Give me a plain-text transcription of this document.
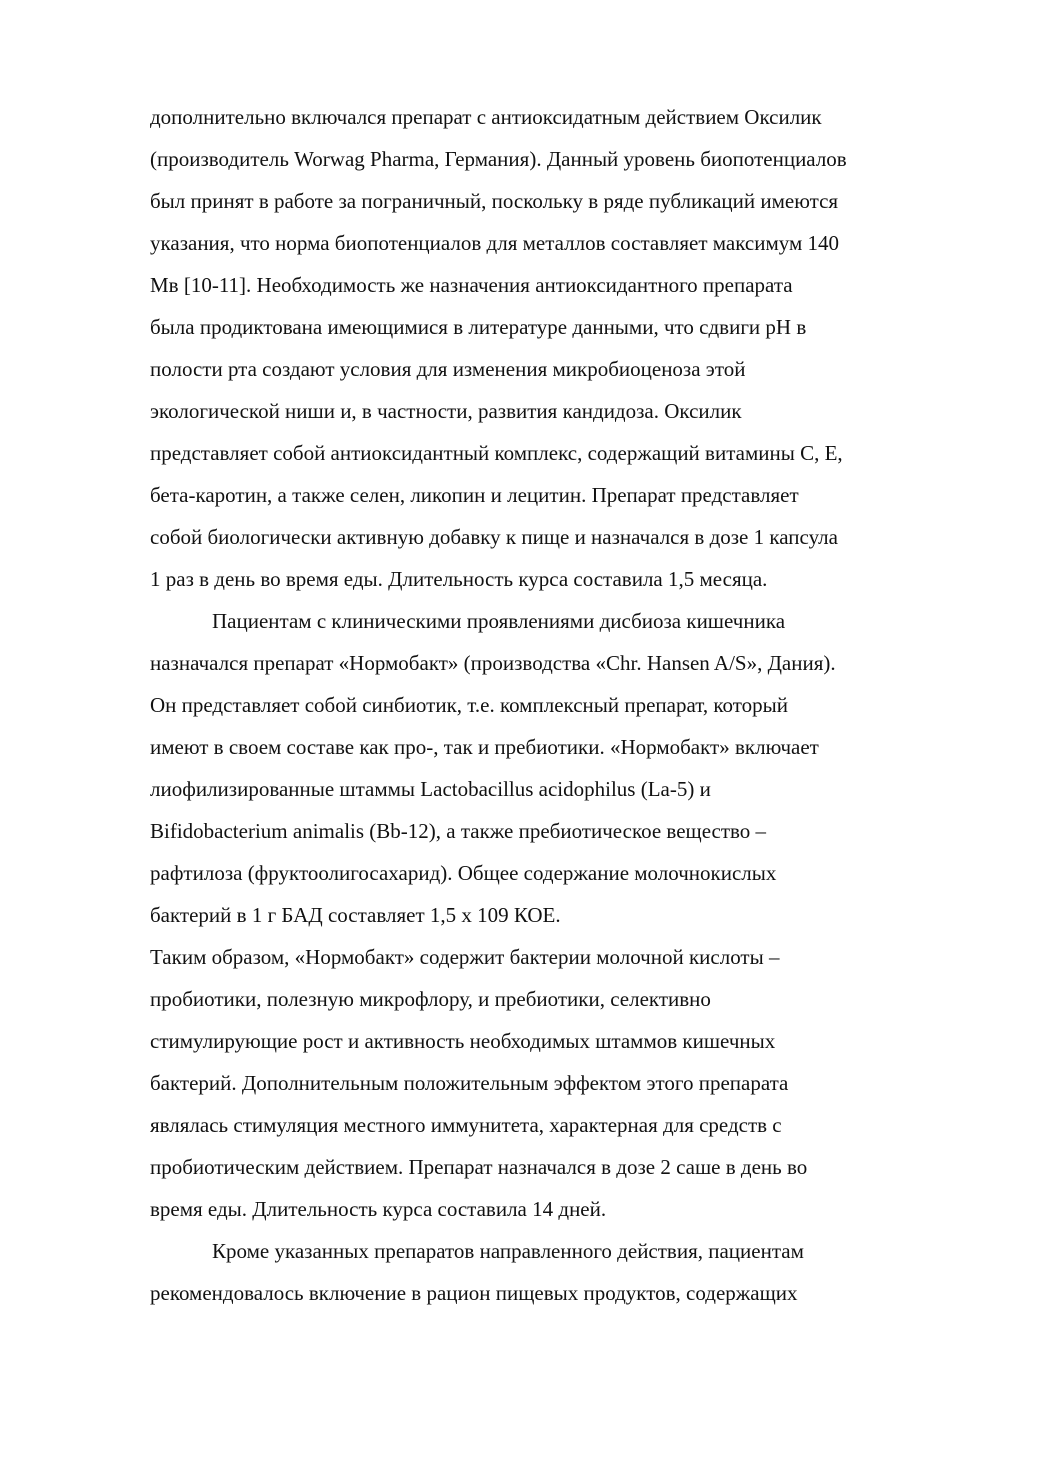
дополнительно включался препарат с антиоксидатным действием Оксилик
(производитель Worwag Pharma, Германия). Данный уровень биопотенциалов
был принят в работе за пограничный, поскольку в ряде публикаций имеются
указания, что норма биопотенциалов для металлов составляет максимум 140
Мв [10-11]. Необходимость же назначения антиоксидантного препарата
была продиктована имеющимися в литературе данными, что сдвиги рН в
полости рта создают условия для изменения микробиоценоза этой
экологической ниши и, в частности, развития кандидоза. Оксилик
представляет собой антиоксидантный комплекс, содержащий витамины С, Е,
бета-каротин, а также селен, ликопин и лецитин. Препарат представляет
собой биологически активную добавку к пище и назначался в дозе 1 капсула
1 раз в день во время еды. Длительность курса составила 1,5 месяца.

Пациентам с клиническими проявлениями дисбиоза кишечника
назначался препарат «Нормобакт» (производства «Chr. Hansen A/S», Дания).
Он представляет собой синбиотик, т.е. комплексный препарат, который
имеют в своем составе как про-, так и пребиотики. «Нормобакт» включает
лиофилизированные штаммы Lactobacillus acidophilus (La-5) и
Bifidobacterium animalis (Bb-12), а также пребиотическое вещество –
рафтилоза (фруктоолигосахарид). Общее содержание молочнокислых
бактерий в 1 г БАД составляет 1,5 х 109 КОЕ.

Таким образом, «Нормобакт» содержит бактерии молочной кислоты –
пробиотики, полезную микрофлору, и пребиотики, селективно
стимулирующие рост и активность необходимых штаммов кишечных
бактерий. Дополнительным положительным эффектом этого препарата
являлась стимуляция местного иммунитета, характерная для средств с
пробиотическим действием. Препарат назначался в дозе 2 саше в день во
время еды. Длительность курса составила 14 дней.

Кроме указанных препаратов направленного действия, пациентам
рекомендовалось включение в рацион пищевых продуктов, содержащих
